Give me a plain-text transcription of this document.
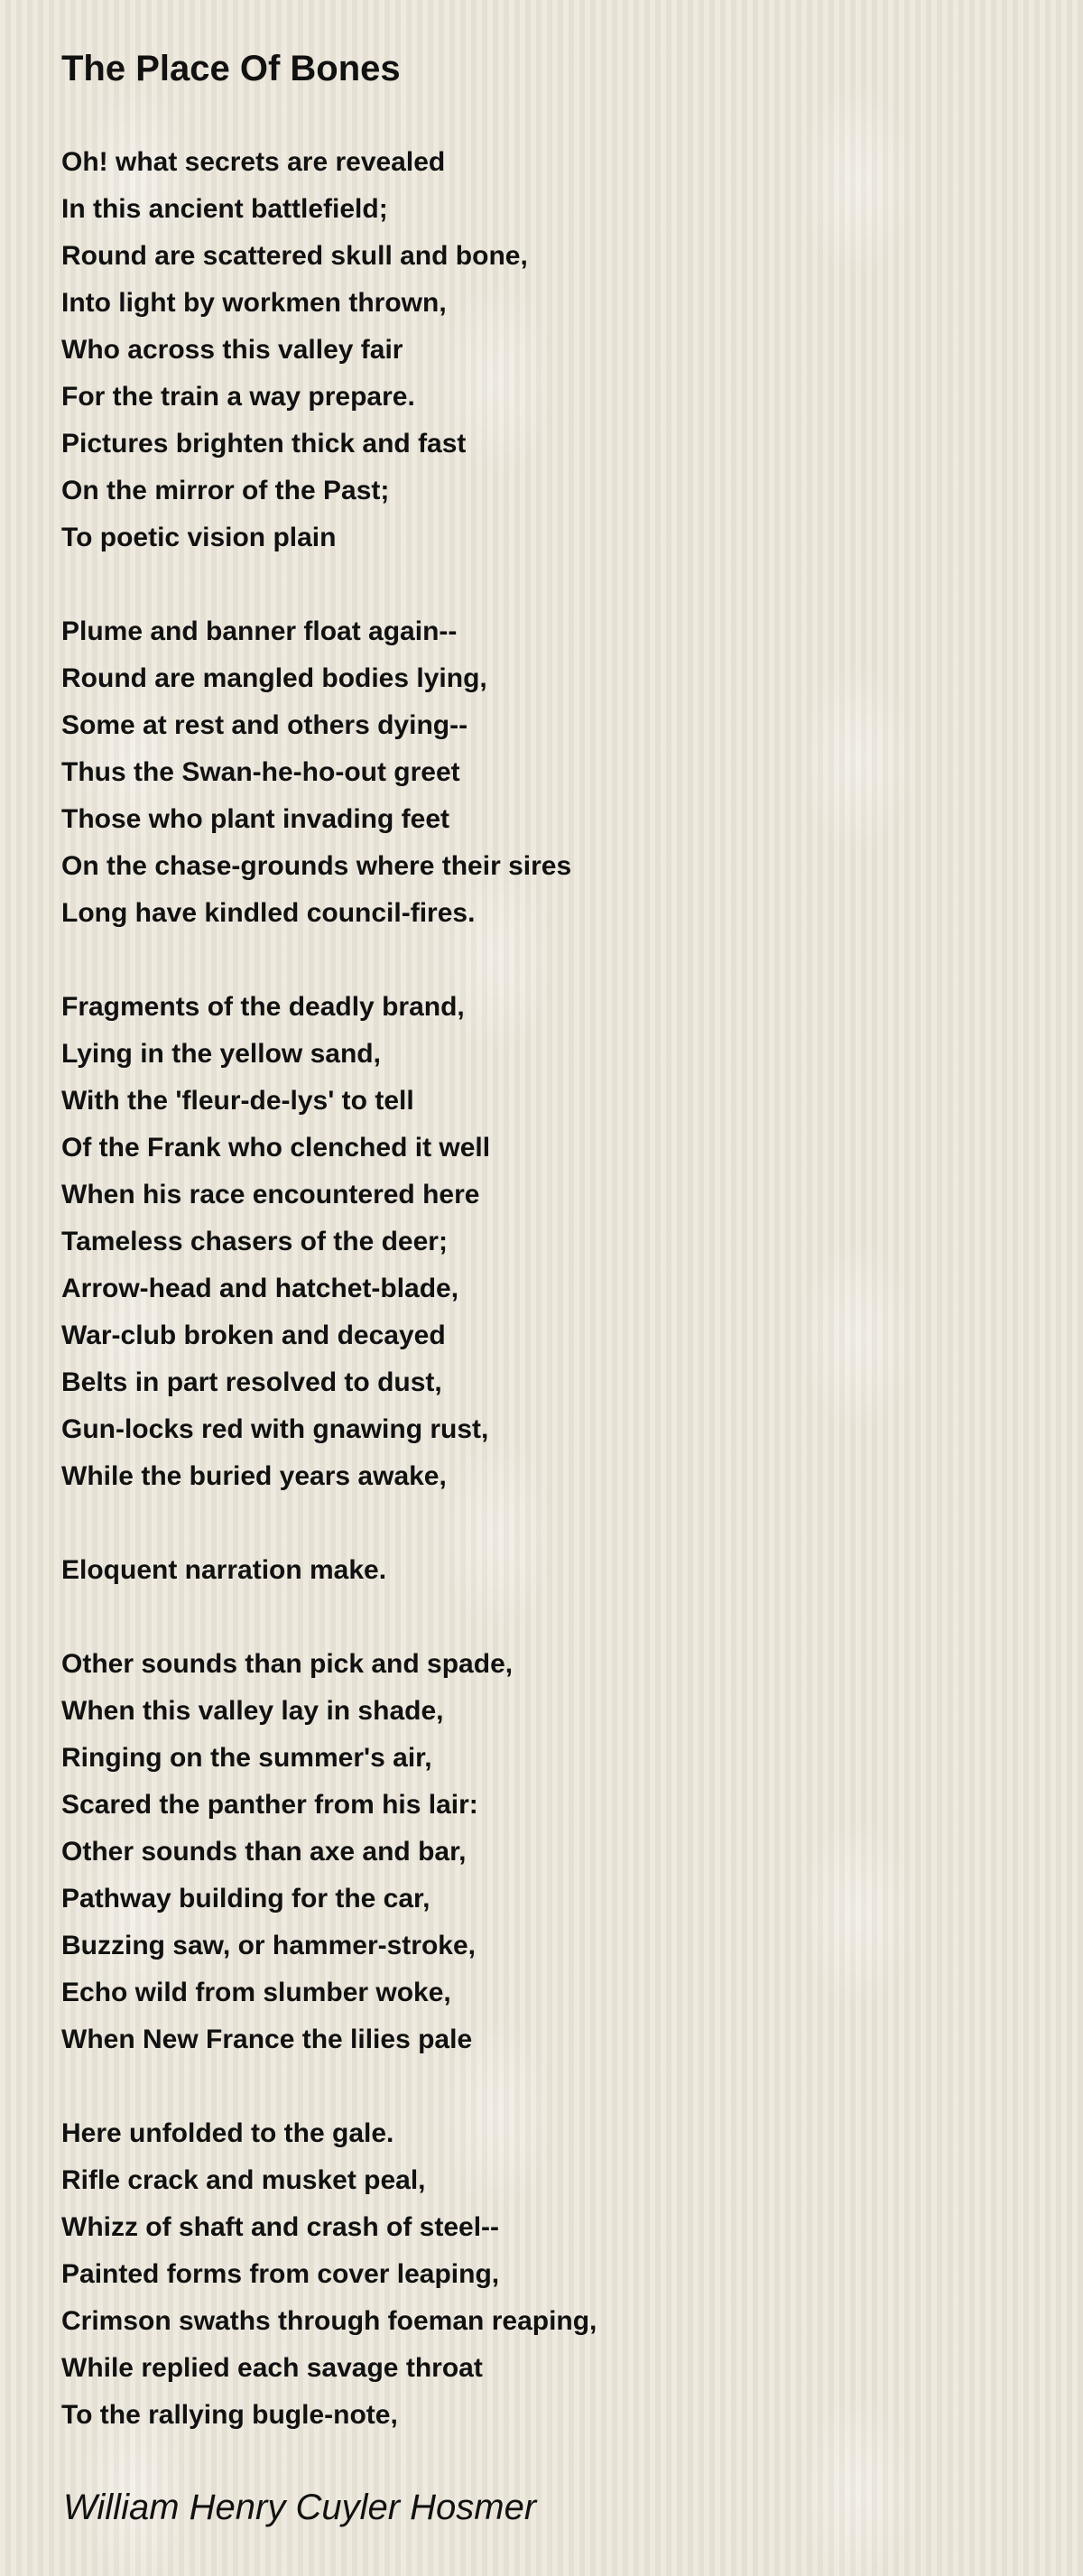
The Place Of Bones
Oh! what secrets are revealed
In this ancient battlefield;
Round are scattered skull and bone,
Into light by workmen thrown,
Who across this valley fair
For the train a way prepare.
Pictures brighten thick and fast
On the mirror of the Past;
To poetic vision plain
Plume and banner float again--
Round are mangled bodies lying,
Some at rest and others dying--
Thus the Swan-he-ho-out greet
Those who plant invading feet
On the chase-grounds where their sires
Long have kindled council-fires.
Fragments of the deadly brand,
Lying in the yellow sand,
With the 'fleur-de-lys' to tell
Of the Frank who clenched it well
When his race encountered here
Tameless chasers of the deer;
Arrow-head and hatchet-blade,
War-club broken and decayed
Belts in part resolved to dust,
Gun-locks red with gnawing rust,
While the buried years awake,
Eloquent narration make.
Other sounds than pick and spade,
When this valley lay in shade,
Ringing on the summer's air,
Scared the panther from his lair:
Other sounds than axe and bar,
Pathway building for the car,
Buzzing saw, or hammer-stroke,
Echo wild from slumber woke,
When New France the lilies pale
Here unfolded to the gale.
Rifle crack and musket peal,
Whizz of shaft and crash of steel--
Painted forms from cover leaping,
Crimson swaths through foeman reaping,
While replied each savage throat
To the rallying bugle-note,

William Henry Cuyler Hosmer
